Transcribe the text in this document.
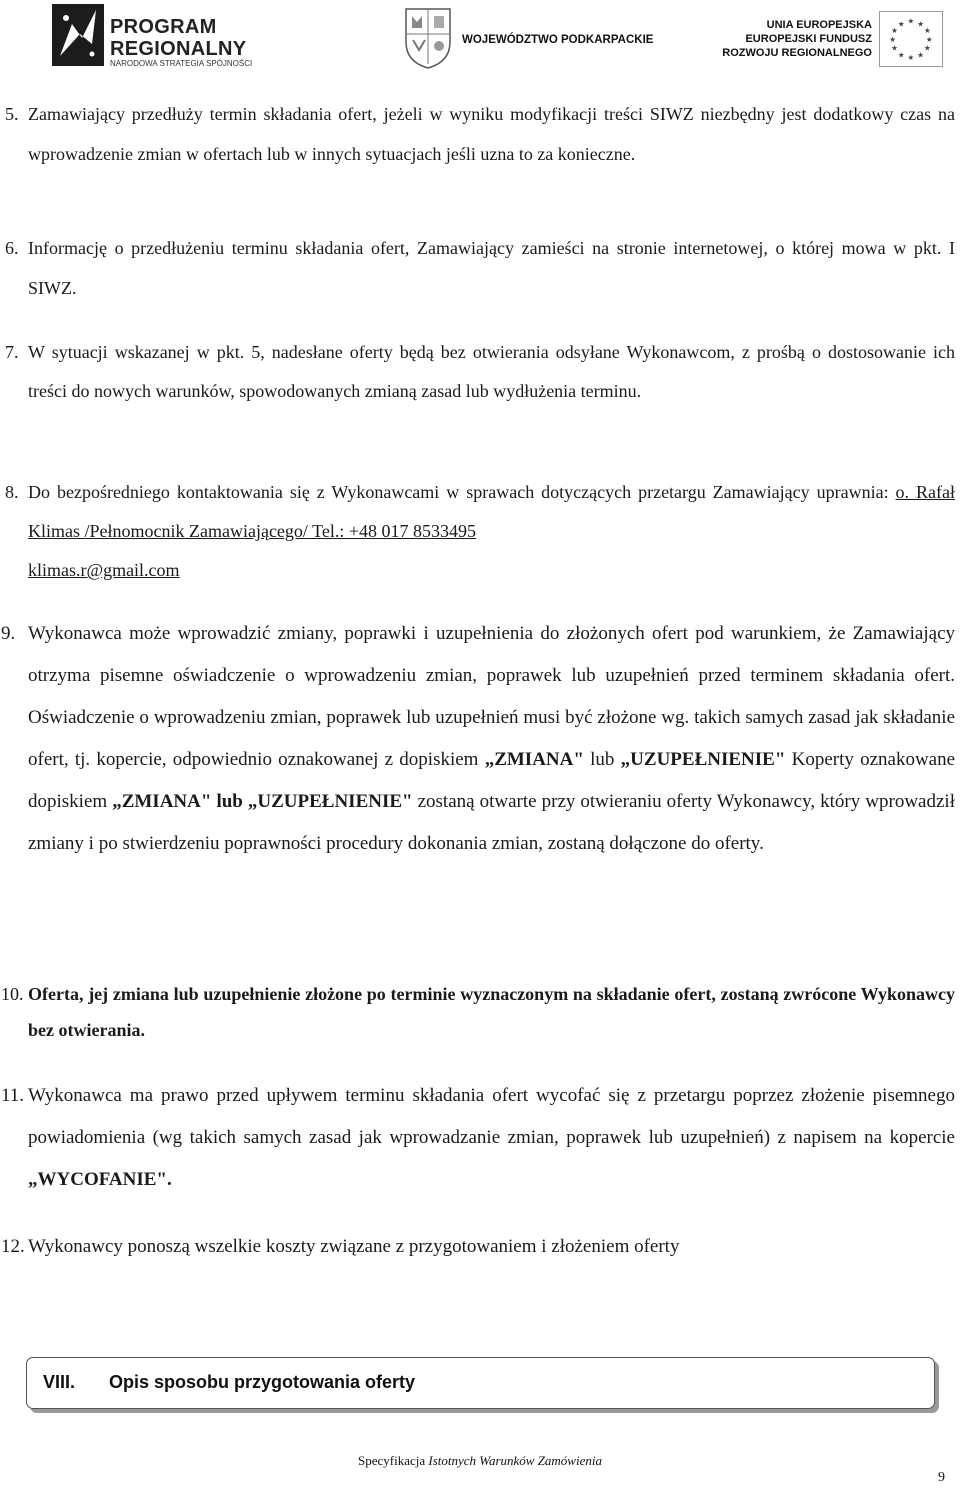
PROGRAM
REGIONALNY
NARODOWA STRATEGIA SPÓJNOŚCI
WOJEWÓDZTWO PODKARPACKIE
UNIA EUROPEJSKA
EUROPEJSKI FUNDUSZ
ROZWOJU REGIONALNEGO
★ ★
★
★
★
★
★
★
★
★
★
★

5. Zamawiający przedłuży termin składania ofert, jeżeli w wyniku modyfikacji treści SIWZ niezbędny jest dodatkowy czas na wprowadzenie zmian w ofertach lub w innych sytuacjach jeśli uzna to za konieczne.

6. Informację o przedłużeniu terminu składania ofert, Zamawiający zamieści na stronie internetowej, o której mowa w pkt. I SIWZ.

7. W sytuacji wskazanej w pkt. 5, nadesłane oferty będą bez otwierania odsyłane Wykonawcom, z prośbą o dostosowanie ich treści do nowych warunków, spowodowanych zmianą zasad lub wydłużenia terminu.

8. Do bezpośredniego kontaktowania się z Wykonawcami w sprawach dotyczących przetargu Zamawiający uprawnia: o. Rafał Klimas /Pełnomocnik Zamawiającego/ Tel.: +48 017 8533495
klimas.r@gmail.com

9. Wykonawca może wprowadzić zmiany, poprawki i uzupełnienia do złożonych ofert pod warunkiem, że Zamawiający otrzyma pisemne oświadczenie o wprowadzeniu zmian, poprawek lub uzupełnień przed terminem składania ofert. Oświadczenie o wprowadzeniu zmian, poprawek lub uzupełnień musi być złożone wg. takich samych zasad jak składanie ofert, tj. kopercie, odpowiednio oznakowanej z dopiskiem „ZMIANA" lub „UZUPEŁNIENIE" Koperty oznakowane dopiskiem „ZMIANA" lub „UZUPEŁNIENIE" zostaną otwarte przy otwieraniu oferty Wykonawcy, który wprowadził zmiany i po stwierdzeniu poprawności procedury dokonania zmian, zostaną dołączone do oferty.

10. Oferta, jej zmiana lub uzupełnienie złożone po terminie wyznaczonym na składanie ofert, zostaną zwrócone Wykonawcy bez otwierania.

11. Wykonawca ma prawo przed upływem terminu składania ofert wycofać się z przetargu poprzez złożenie pisemnego powiadomienia (wg takich samych zasad jak wprowadzanie zmian, poprawek lub uzupełnień) z napisem na kopercie „WYCOFANIE".

12. Wykonawcy ponoszą wszelkie koszty związane z przygotowaniem i złożeniem oferty

VIII. Opis sposobu przygotowania oferty
Specyfikacja Istotnych Warunków Zamówienia
9
